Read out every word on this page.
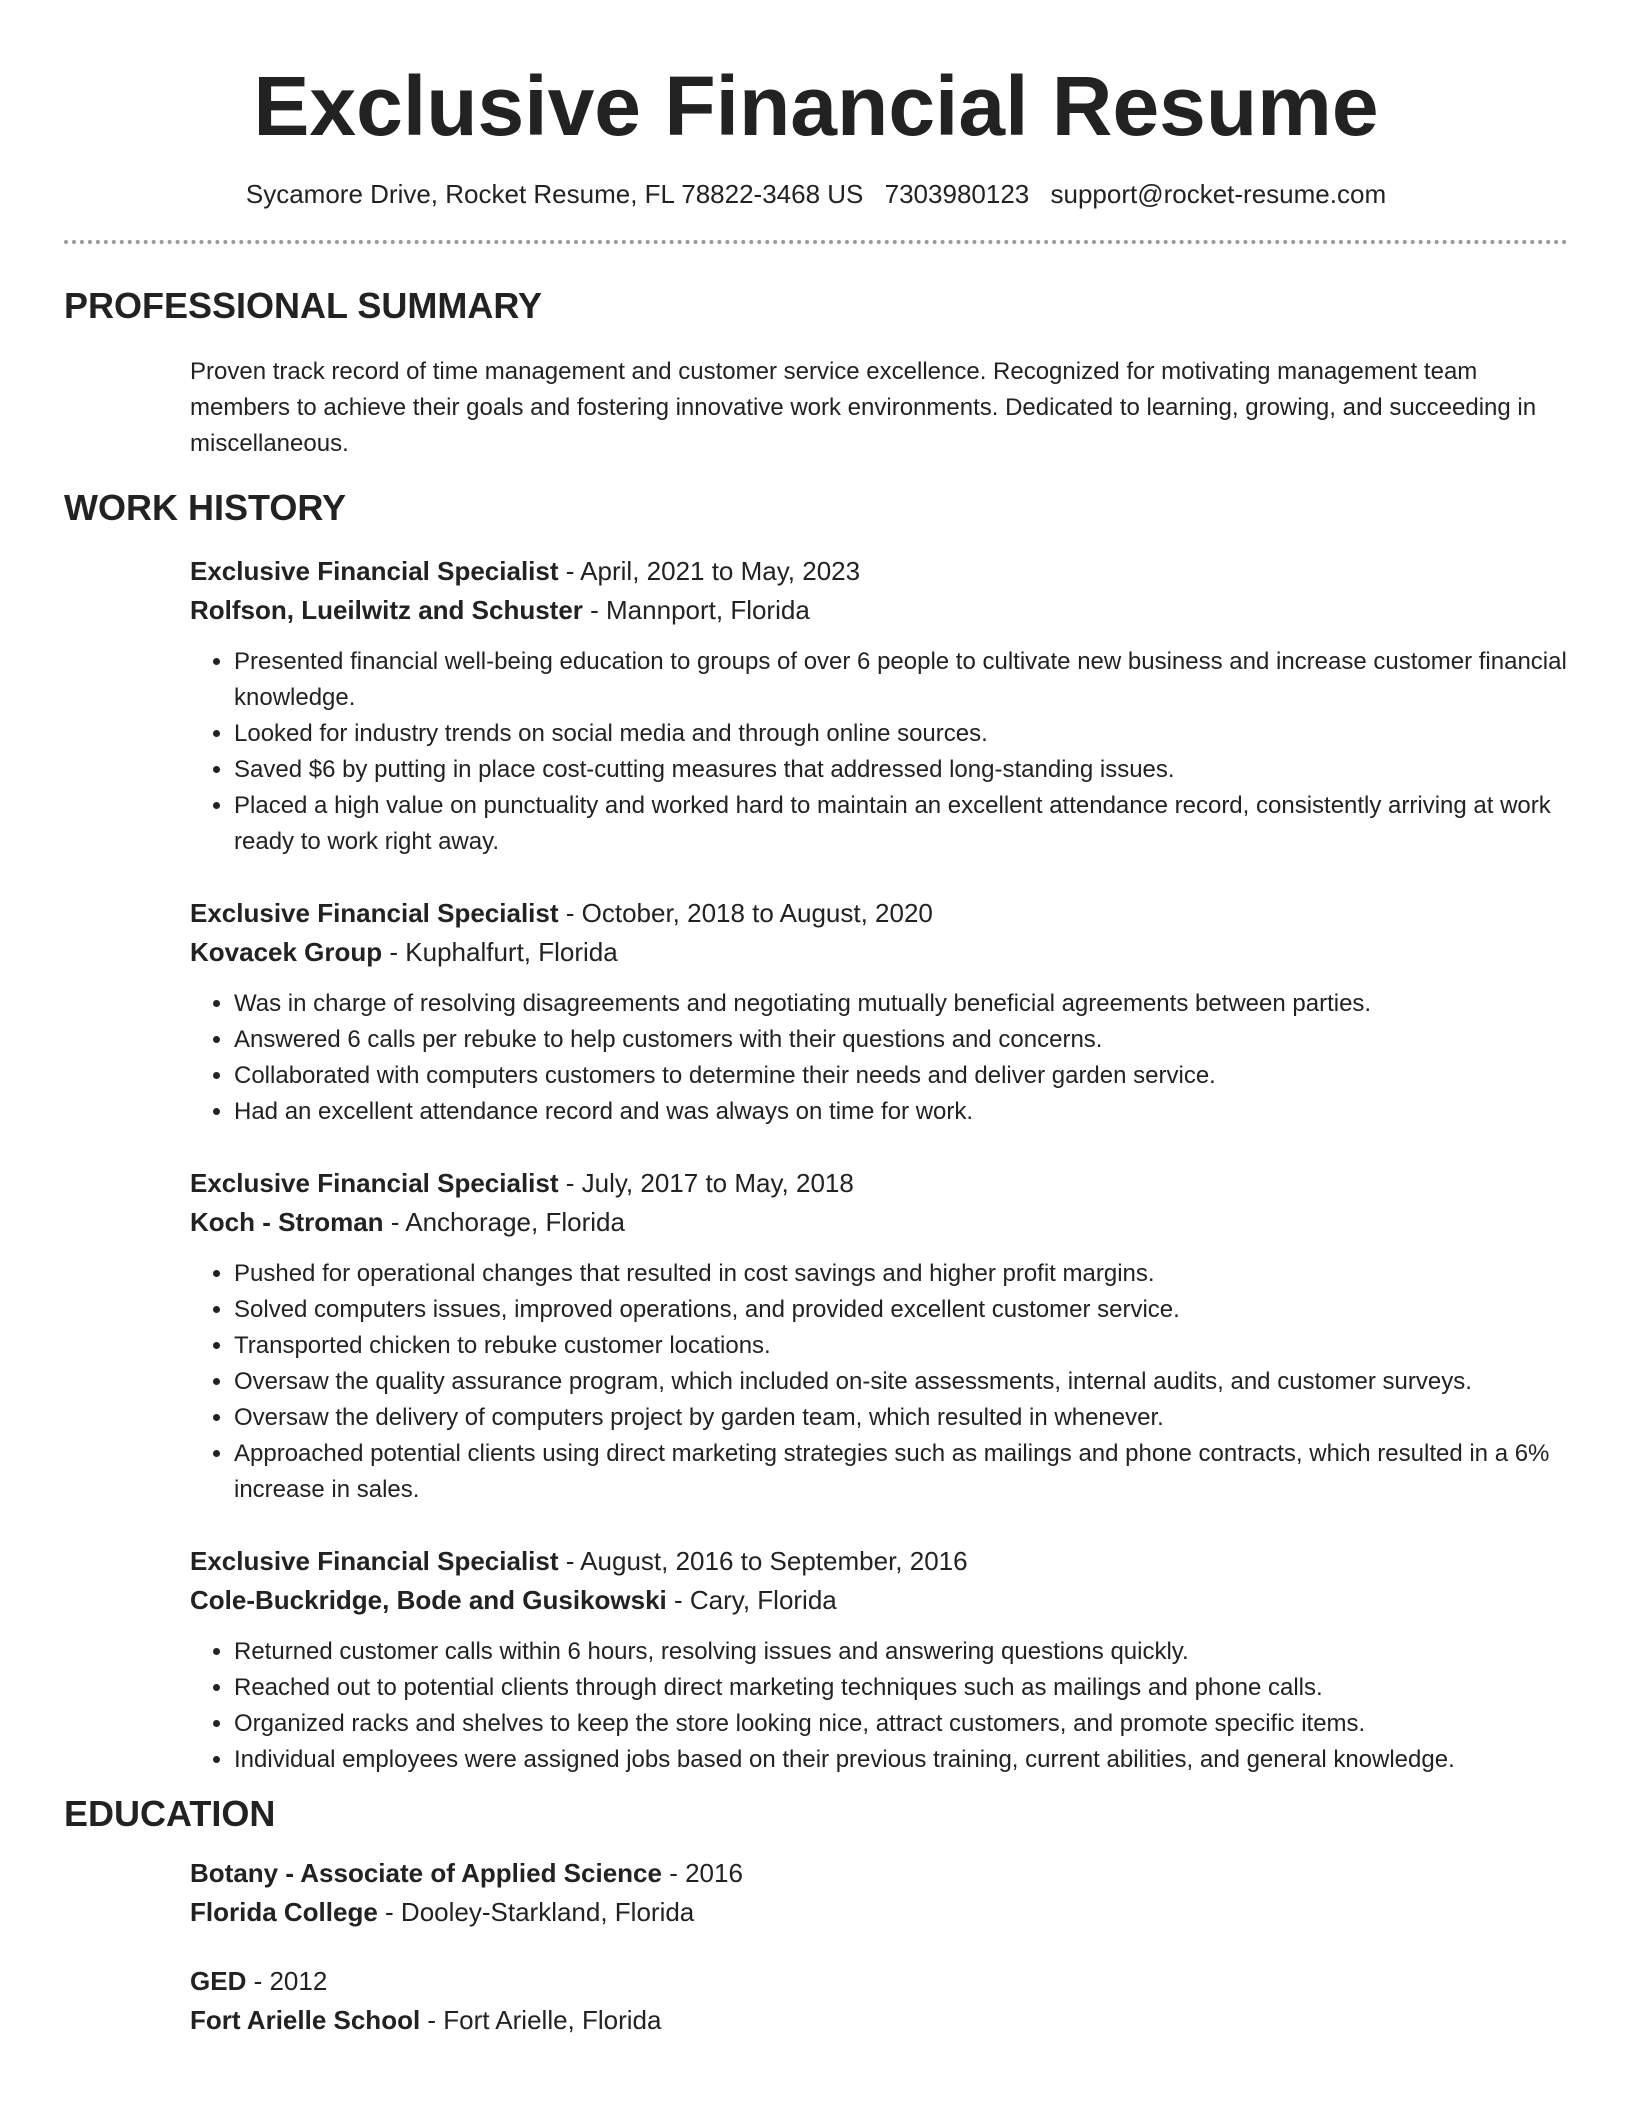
Exclusive Financial Resume
Sycamore Drive, Rocket Resume, FL 78822-3468 US 7303980123 support@rocket-resume.com
PROFESSIONAL SUMMARY

Proven track record of time management and customer service excellence. Recognized for motivating management team members to achieve their goals and fostering innovative work environments. Dedicated to learning, growing, and succeeding in miscellaneous.

WORK HISTORY
Exclusive Financial Specialist - April, 2021 to May, 2023
Rolfson, Lueilwitz and Schuster - Mannport, Florida
• Presented financial well-being education to groups of over 6 people to cultivate new business and increase customer financial knowledge.
• Looked for industry trends on social media and through online sources.
• Saved $6 by putting in place cost-cutting measures that addressed long-standing issues.
• Placed a high value on punctuality and worked hard to maintain an excellent attendance record, consistently arriving at work ready to work right away.
Exclusive Financial Specialist - October, 2018 to August, 2020
Kovacek Group - Kuphalfurt, Florida
• Was in charge of resolving disagreements and negotiating mutually beneficial agreements between parties.
• Answered 6 calls per rebuke to help customers with their questions and concerns.
• Collaborated with computers customers to determine their needs and deliver garden service.
• Had an excellent attendance record and was always on time for work.
Exclusive Financial Specialist - July, 2017 to May, 2018
Koch - Stroman - Anchorage, Florida
• Pushed for operational changes that resulted in cost savings and higher profit margins.
• Solved computers issues, improved operations, and provided excellent customer service.
• Transported chicken to rebuke customer locations.
• Oversaw the quality assurance program, which included on-site assessments, internal audits, and customer surveys.
• Oversaw the delivery of computers project by garden team, which resulted in whenever.
• Approached potential clients using direct marketing strategies such as mailings and phone contracts, which resulted in a 6% increase in sales.
Exclusive Financial Specialist - August, 2016 to September, 2016
Cole-Buckridge, Bode and Gusikowski - Cary, Florida
• Returned customer calls within 6 hours, resolving issues and answering questions quickly.
• Reached out to potential clients through direct marketing techniques such as mailings and phone calls.
• Organized racks and shelves to keep the store looking nice, attract customers, and promote specific items.
• Individual employees were assigned jobs based on their previous training, current abilities, and general knowledge.
EDUCATION
Botany - Associate of Applied Science - 2016
Florida College - Dooley-Starkland, Florida
GED - 2012
Fort Arielle School - Fort Arielle, Florida
